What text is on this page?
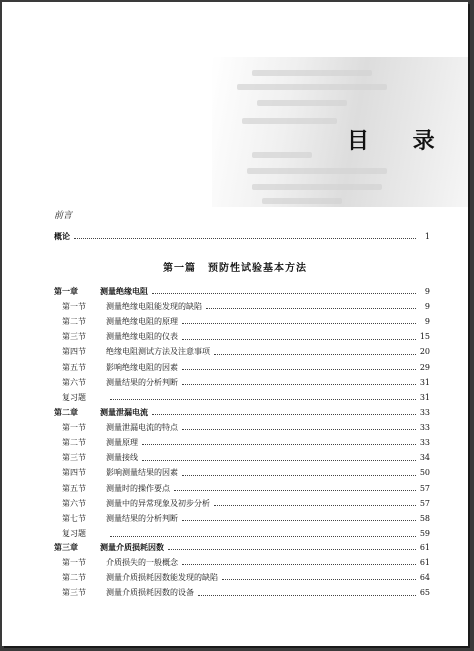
目 录
前言
概论	1
第一篇 预防性试验基本方法
第一章	测量绝缘电阻	9
第一节	测量绝缘电阻能发现的缺陷	9
第二节	测量绝缘电阻的原理	9
第三节	测量绝缘电阻的仪表	15
第四节	绝缘电阻测试方法及注意事项	20
第五节	影响绝缘电阻的因素	29
第六节	测量结果的分析判断	31
复习题	31
第二章	测量泄漏电流	33
第一节	测量泄漏电流的特点	33
第二节	测量原理	33
第三节	测量接线	34
第四节	影响测量结果的因素	50
第五节	测量时的操作要点	57
第六节	测量中的异常现象及初步分析	57
第七节	测量结果的分析判断	58
复习题	59
第三章	测量介质损耗因数	61
第一节	介质损失的一般概念	61
第二节	测量介质损耗因数能发现的缺陷	64
第三节	测量介质损耗因数的设备	65
